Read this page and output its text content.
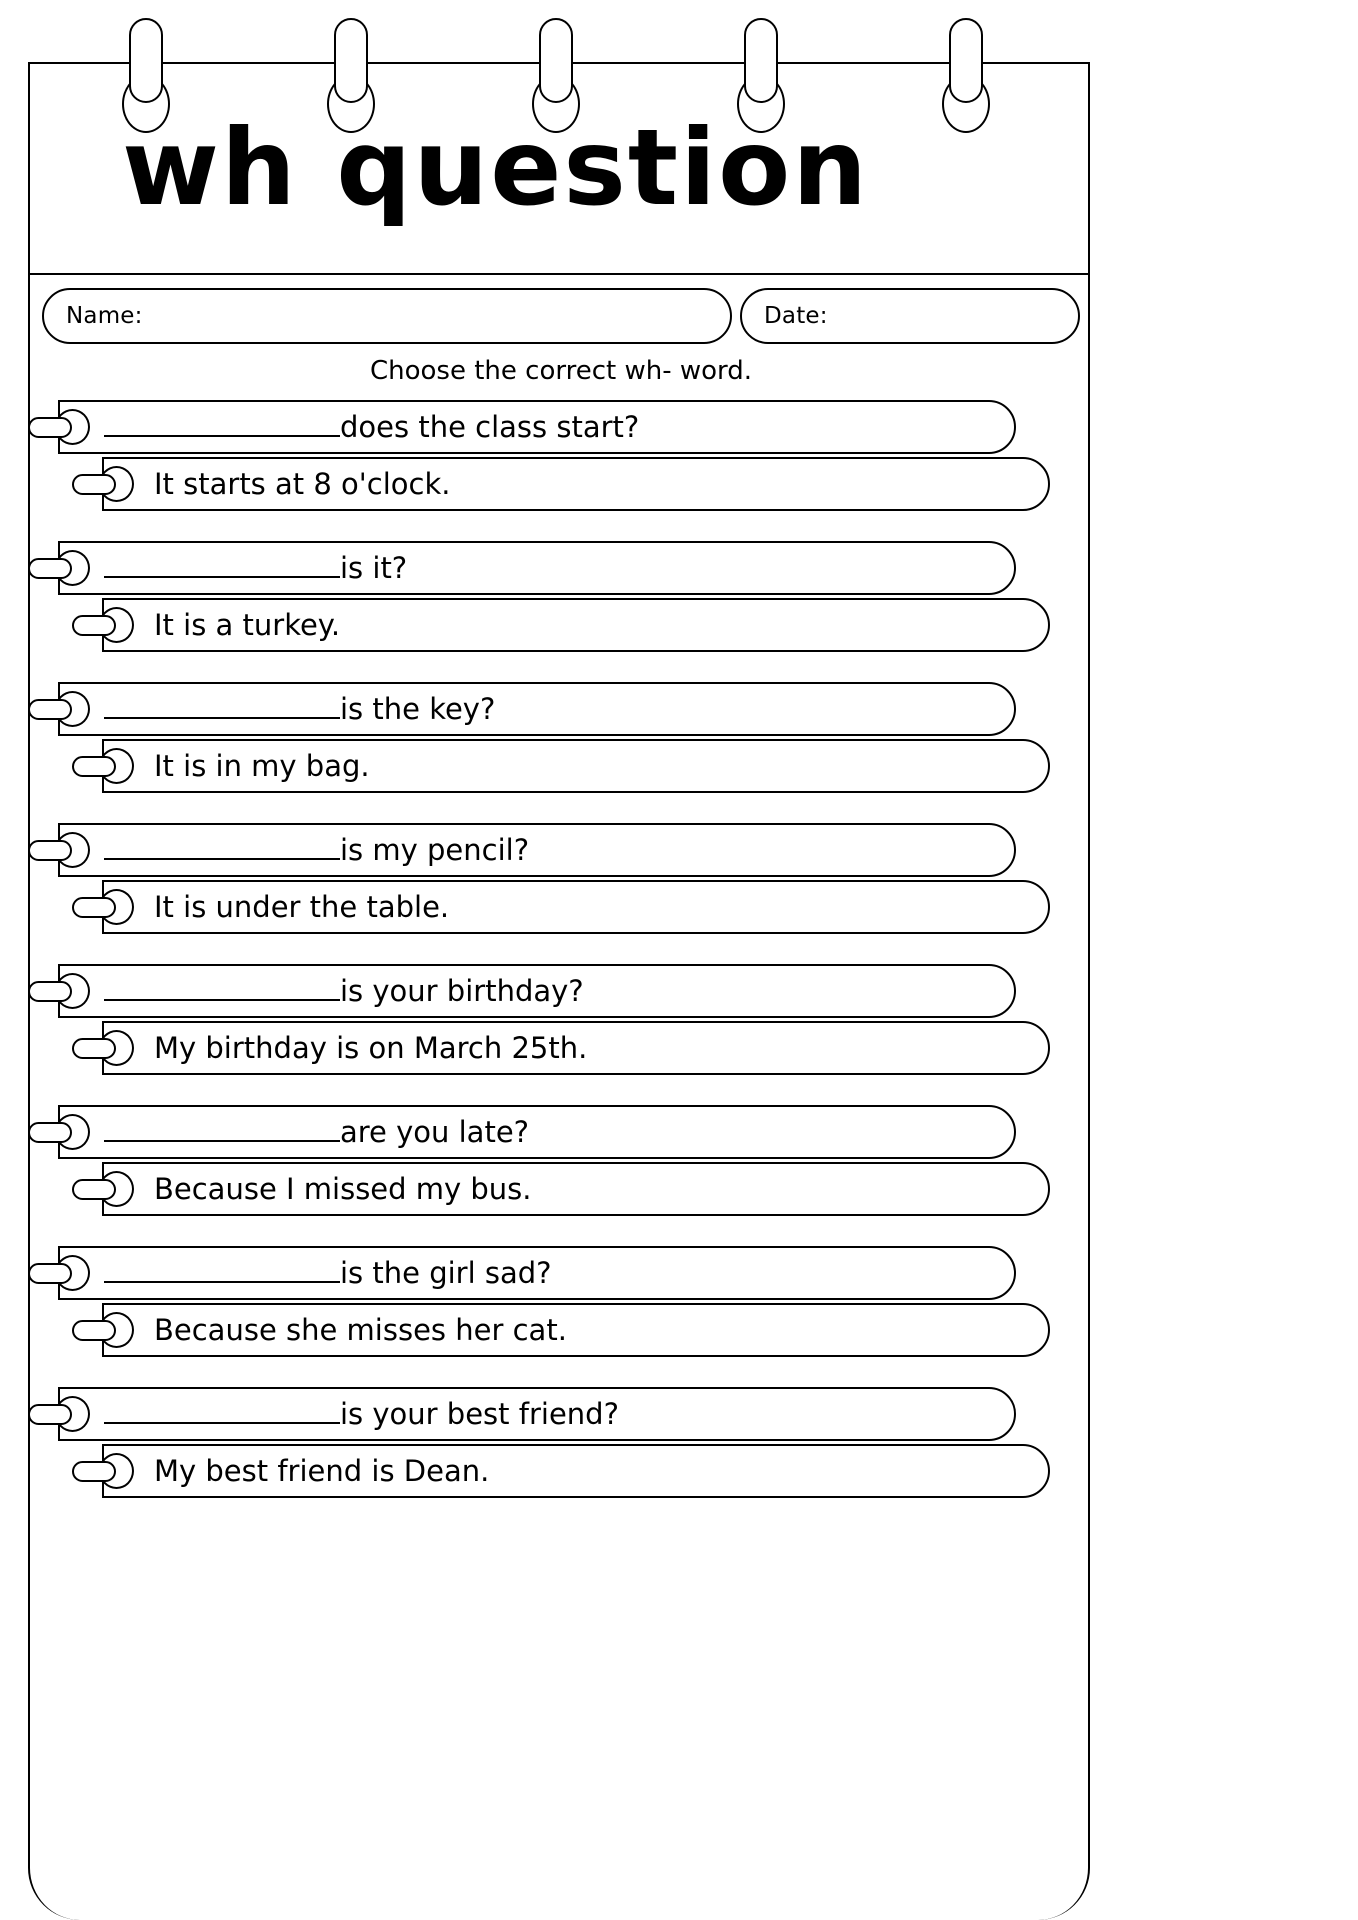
wh question
Name:	Date:
Choose the correct wh- word.
does the class start?
It starts at 8 o'clock.
is it?
It is a turkey.
is the key?
It is in my bag.
is my pencil?
It is under the table.
is your birthday?
My birthday is on March 25th.
are you late?
Because I missed my bus.
is the girl sad?
Because she misses her cat.
is your best friend?
My best friend is Dean.
